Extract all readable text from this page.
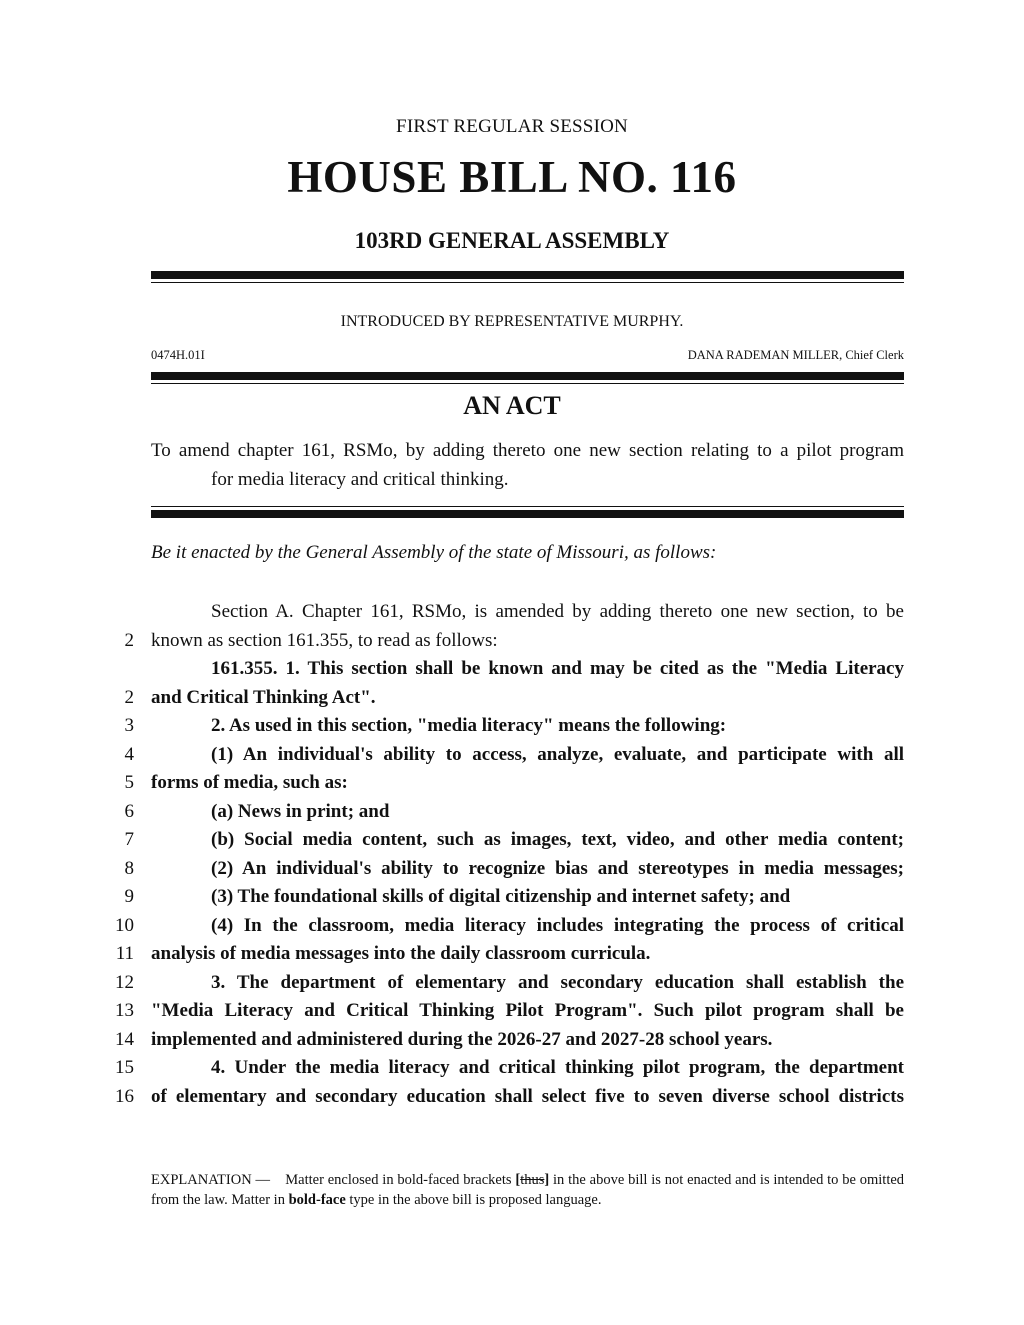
FIRST REGULAR SESSION
HOUSE BILL NO. 116
103RD GENERAL ASSEMBLY
INTRODUCED BY REPRESENTATIVE MURPHY.
0474H.01I	DANA RADEMAN MILLER, Chief Clerk
AN ACT
To amend chapter 161, RSMo, by adding thereto one new section relating to a pilot program
for media literacy and critical thinking.
Be it enacted by the General Assembly of the state of Missouri, as follows:
Section A. Chapter 161, RSMo, is amended by adding thereto one new section, to be
2 known as section 161.355, to read as follows:
161.355. 1. This section shall be known and may be cited as the "Media Literacy
2 and Critical Thinking Act".
3	2. As used in this section, "media literacy" means the following:
4	(1) An individual's ability to access, analyze, evaluate, and participate with all
5 forms of media, such as:
6	(a) News in print; and
7	(b) Social media content, such as images, text, video, and other media content;
8	(2) An individual's ability to recognize bias and stereotypes in media messages;
9	(3) The foundational skills of digital citizenship and internet safety; and
10	(4) In the classroom, media literacy includes integrating the process of critical
11 analysis of media messages into the daily classroom curricula.
12	3. The department of elementary and secondary education shall establish the
13 "Media Literacy and Critical Thinking Pilot Program". Such pilot program shall be
14 implemented and administered during the 2026-27 and 2027-28 school years.
15	4. Under the media literacy and critical thinking pilot program, the department
16 of elementary and secondary education shall select five to seven diverse school districts
EXPLANATION — Matter enclosed in bold-faced brackets [thus] in the above bill is not enacted and is intended to be omitted from the law. Matter in bold-face type in the above bill is proposed language.
